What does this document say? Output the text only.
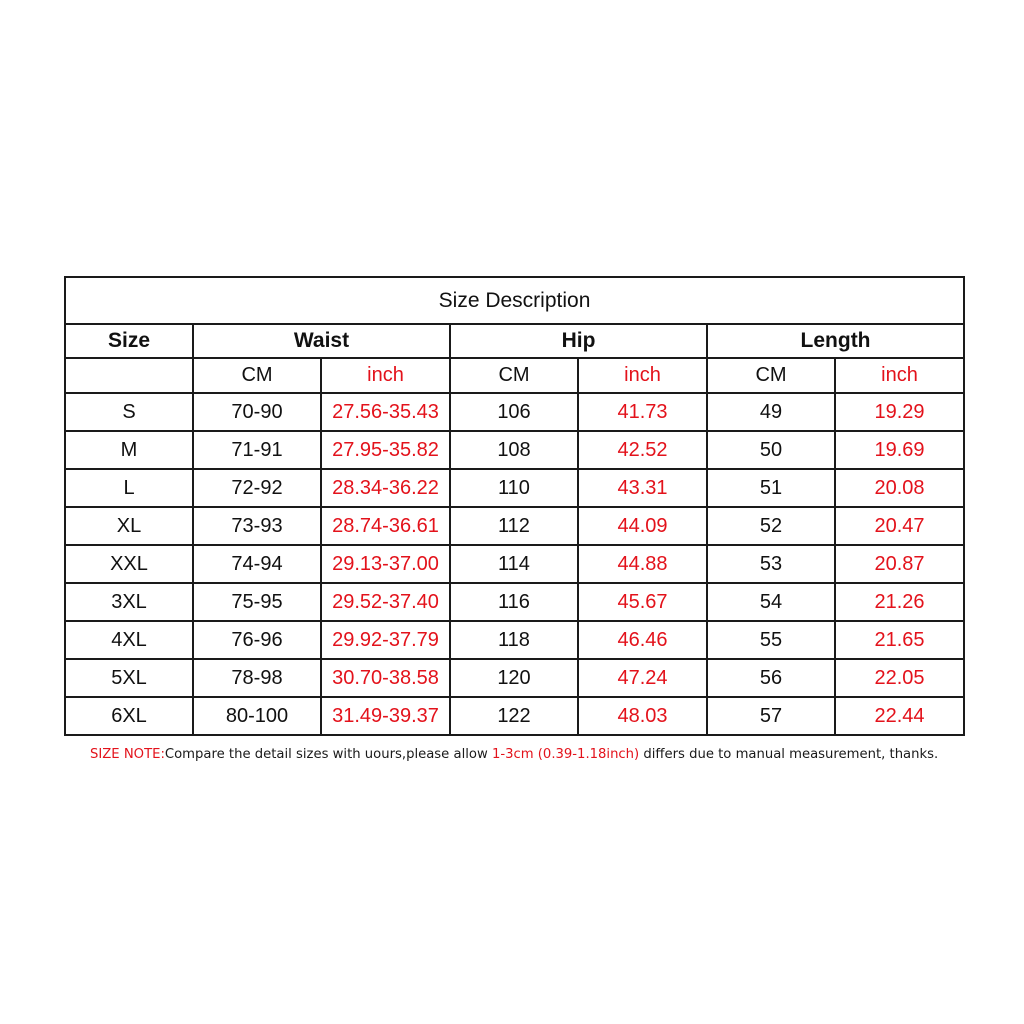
Size Description						
Size	Waist		Hip		Length	
	CM	inch	CM	inch	CM	inch
S	70-90	27.56-35.43	106	41.73	49	19.29
M	71-91	27.95-35.82	108	42.52	50	19.69
L	72-92	28.34-36.22	110	43.31	51	20.08
XL	73-93	28.74-36.61	112	44.09	52	20.47
XXL	74-94	29.13-37.00	114	44.88	53	20.87
3XL	75-95	29.52-37.40	116	45.67	54	21.26
4XL	76-96	29.92-37.79	118	46.46	55	21.65
5XL	78-98	30.70-38.58	120	47.24	56	22.05
6XL	80-100	31.49-39.37	122	48.03	57	22.44
SIZE NOTE:Compare the detail sizes with uours,please allow 1-3cm (0.39-1.18inch) differs due to manual measurement, thanks.
